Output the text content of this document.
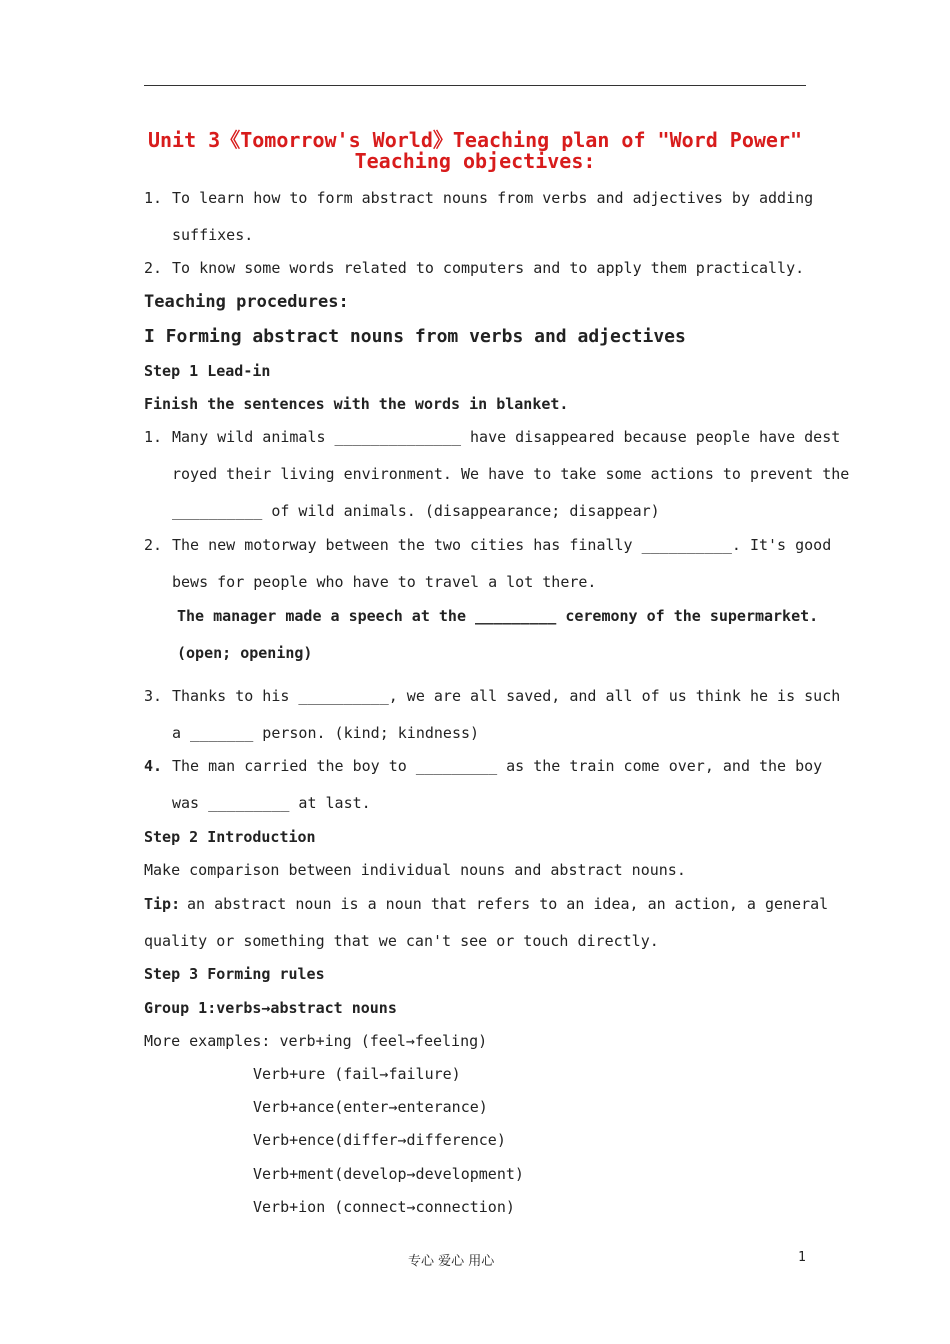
Unit 3《Tomorrow's World》Teaching plan of "Word Power"
Teaching objectives:
1. To learn how to form abstract nouns from verbs and adjectives by adding
suffixes.
2. To know some words related to computers and to apply them practically.
Teaching procedures:
I Forming abstract nouns from verbs and adjectives
Step 1 Lead-in
Finish the sentences with the words in blanket.
1. Many wild animals ______________ have disappeared because people have dest
royed their living environment. We have to take some actions to prevent the
__________ of wild animals. (disappearance; disappear)
2. The new motorway between the two cities has finally __________. It's good
bews for people who have to travel a lot there.
The manager made a speech at the _________ ceremony of the supermarket.
(open; opening)
3. Thanks to his __________, we are all saved, and all of us think he is such
a _______ person. (kind; kindness)
4. The man carried the boy to _________ as the train come over, and the boy
was _________ at last.
Step 2 Introduction
Make comparison between individual nouns and abstract nouns.
Tip: an abstract noun is a noun that refers to an idea, an action, a general
quality or something that we can't see or touch directly.
Step 3 Forming rules
Group 1:verbs→abstract nouns
More examples: verb+ing (feel→feeling)
Verb+ure (fail→failure)
Verb+ance(enter→enterance)
Verb+ence(differ→difference)
Verb+ment(develop→development)
Verb+ion (connect→connection)
专心 爱心 用心	1
